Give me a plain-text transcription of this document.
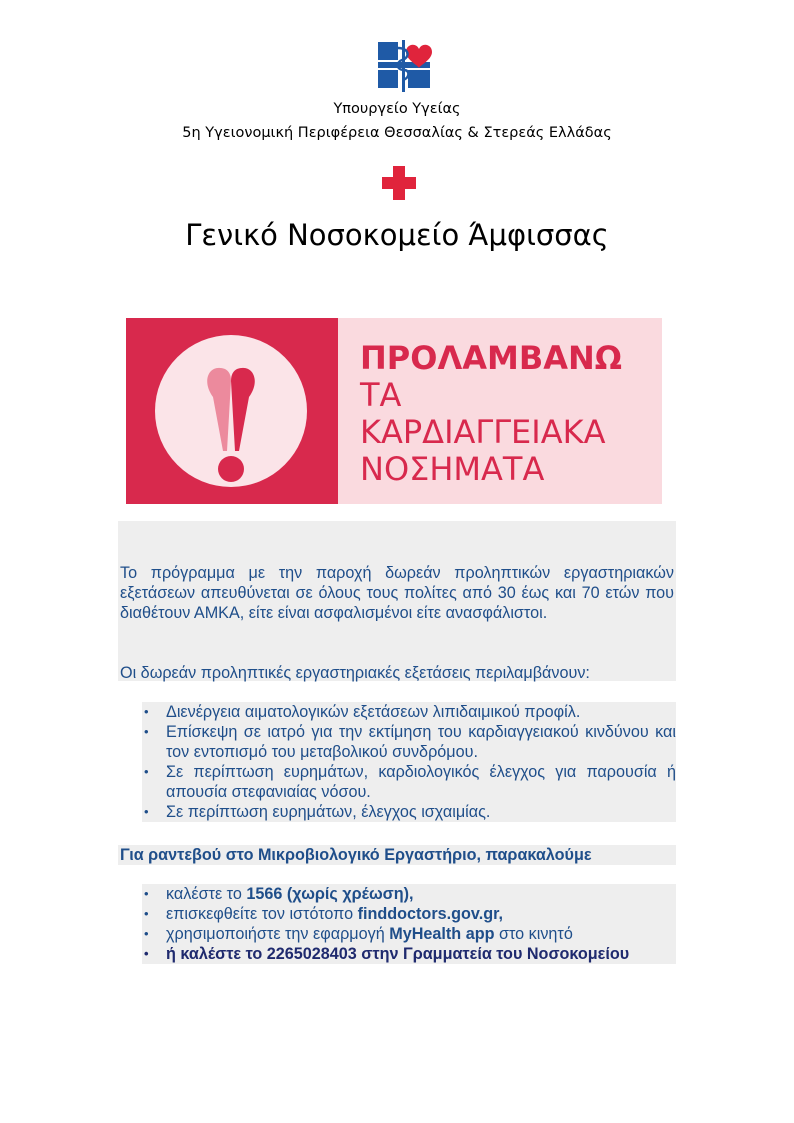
Υπουργείο Υγείας
5η Υγειονομική Περιφέρεια Θεσσαλίας & Στερεάς Ελλάδας
Γενικό Νοσοκομείο Άμφισσας
ΠΡΟΛΑΜΒΑΝΩ
ΤΑ
ΚΑΡΔΙΑΓΓΕΙΑΚΑ
ΝΟΣΗΜΑΤΑ

Το πρόγραμμα με την παροχή δωρεάν προληπτικών εργαστηριακών εξετάσεων απευθύνεται σε όλους τους πολίτες από 30 έως και 70 ετών που διαθέτουν ΑΜΚΑ, είτε είναι ασφαλισμένοι είτε ανασφάλιστοι.

Οι δωρεάν προληπτικές εργαστηριακές εξετάσεις περιλαμβάνουν:

• Διενέργεια αιματολογικών εξετάσεων λιπιδαιμικού προφίλ.
• Επίσκεψη σε ιατρό για την εκτίμηση του καρδιαγγειακού κινδύνου και τον εντοπισμό του μεταβολικού συνδρόμου.
• Σε περίπτωση ευρημάτων, καρδιολογικός έλεγχος για παρουσία ή απουσία στεφανιαίας νόσου.
• Σε περίπτωση ευρημάτων, έλεγχος ισχαιμίας.
Για ραντεβού στο Μικροβιολογικό Εργαστήριο, παρακαλούμε
• καλέστε το 1566 (χωρίς χρέωση),
• επισκεφθείτε τον ιστότοπο finddoctors.gov.gr,
• χρησιμοποιήστε την εφαρμογή MyHealth app στο κινητό
• ή καλέστε το 2265028403 στην Γραμματεία του Νοσοκομείου
